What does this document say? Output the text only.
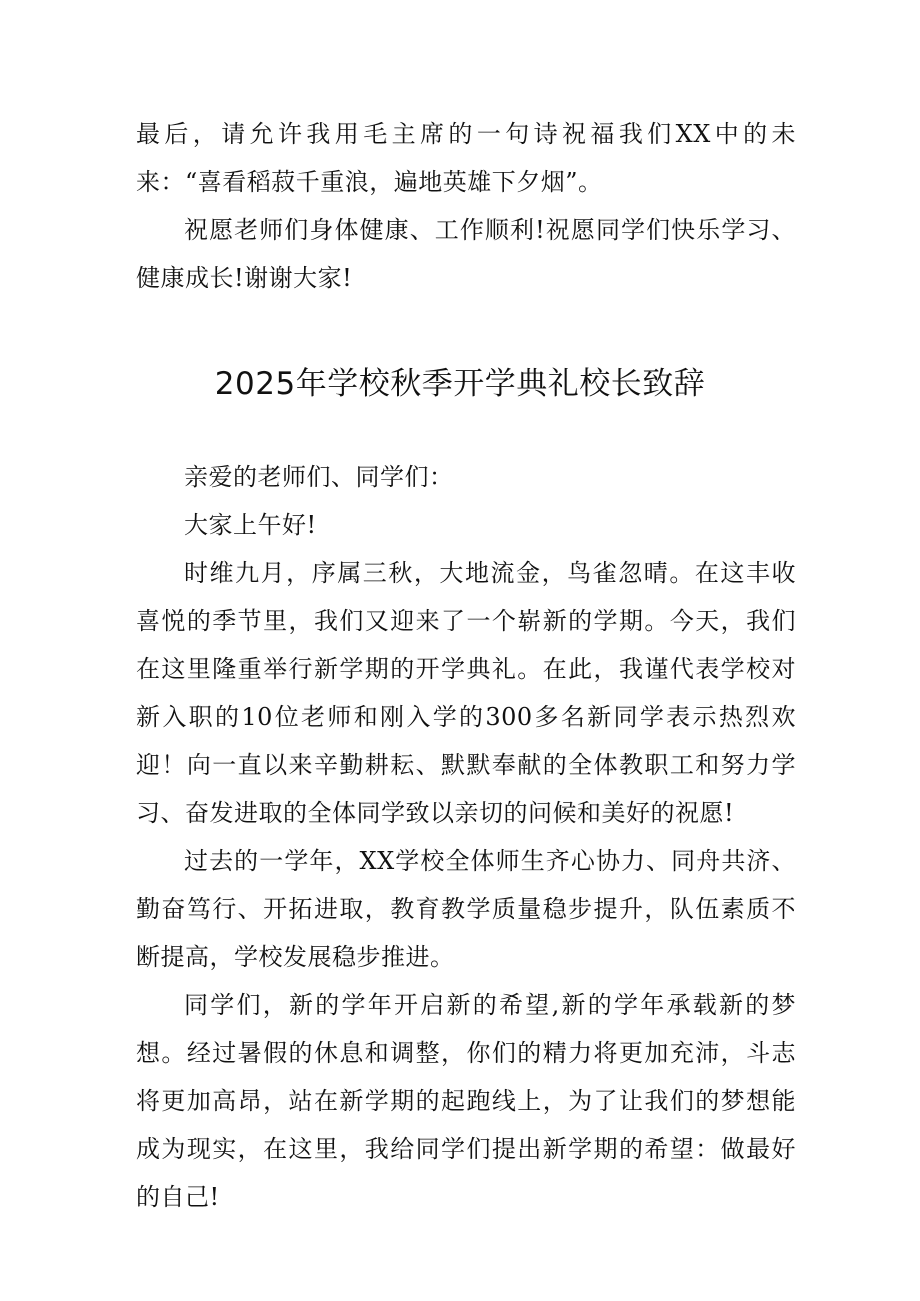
最后，请允许我用毛主席的一句诗祝福我们XX中的未来：“喜看稻菽千重浪，遍地英雄下夕烟”。

祝愿老师们身体健康、工作顺利!祝愿同学们快乐学习、健康成长!谢谢大家!

2025年学校秋季开学典礼校长致辞

亲爱的老师们、同学们：

大家上午好!

时维九月，序属三秋，大地流金，鸟雀忽晴。在这丰收喜悦的季节里，我们又迎来了一个崭新的学期。今天，我们在这里隆重举行新学期的开学典礼。在此，我谨代表学校对新入职的10位老师和刚入学的300多名新同学表示热烈欢迎！向一直以来辛勤耕耘、默默奉献的全体教职工和努力学习、奋发进取的全体同学致以亲切的问候和美好的祝愿!

过去的一学年，XX学校全体师生齐心协力、同舟共济、勤奋笃行、开拓进取，教育教学质量稳步提升，队伍素质不断提高，学校发展稳步推进。

同学们，新的学年开启新的希望,新的学年承载新的梦想。经过暑假的休息和调整，你们的精力将更加充沛，斗志将更加高昂，站在新学期的起跑线上，为了让我们的梦想能成为现实，在这里，我给同学们提出新学期的希望：做最好的自己!
